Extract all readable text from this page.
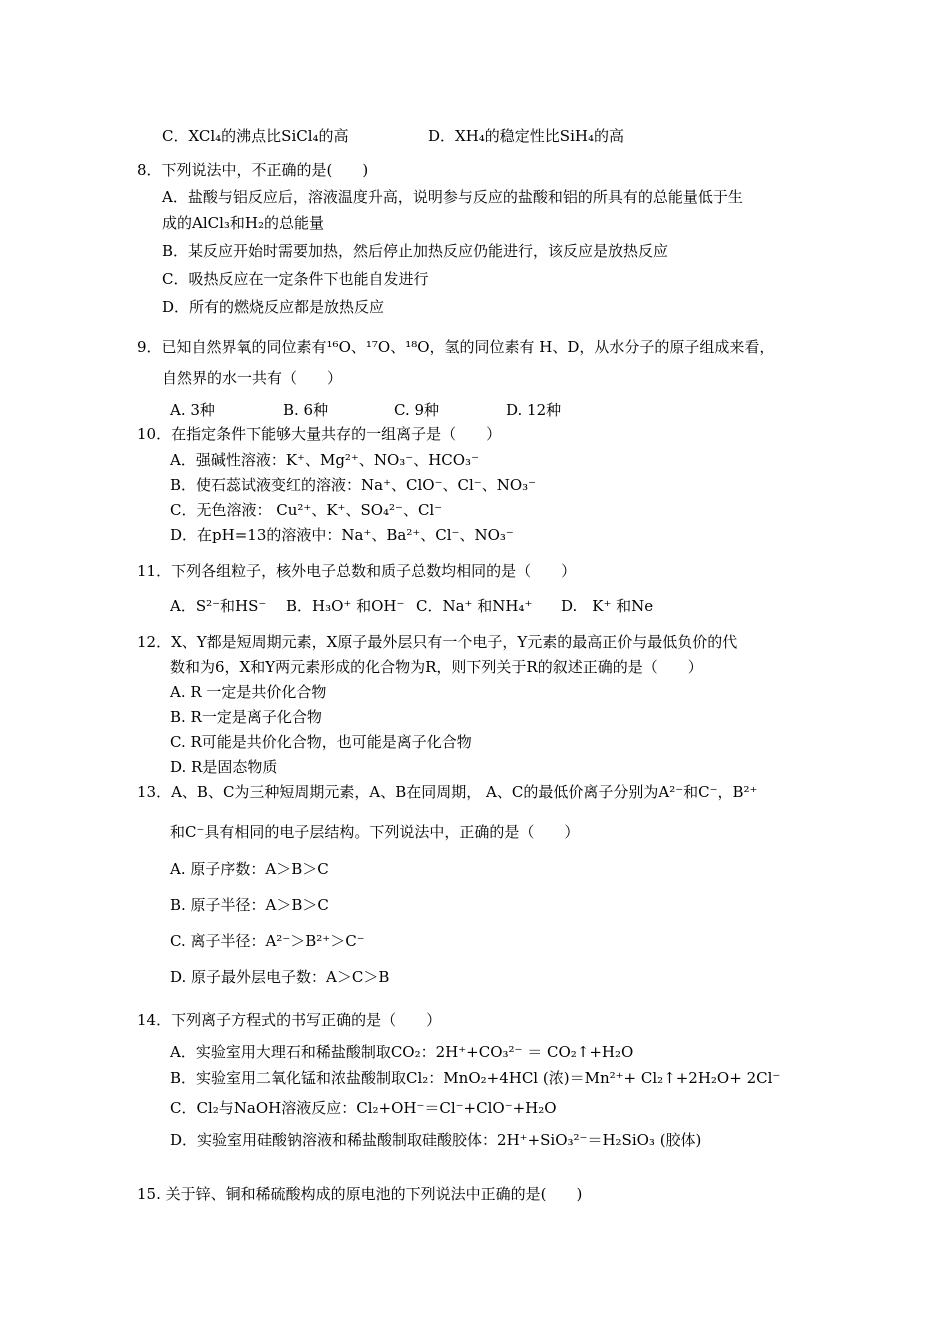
C．XCl₄的沸点比SiCl₄的高	D．XH₄的稳定性比SiH₄的高
8．下列说法中，不正确的是(　　)
A．盐酸与铝反应后，溶液温度升高，说明参与反应的盐酸和铝的所具有的总能量低于生
成的AlCl₃和H₂的总能量
B．某反应开始时需要加热，然后停止加热反应仍能进行，该反应是放热反应
C．吸热反应在一定条件下也能自发进行
D．所有的燃烧反应都是放热反应
9．已知自然界氧的同位素有¹⁶O、¹⁷O、¹⁸O，氢的同位素有 H、D，从水分子的原子组成来看，
自然界的水一共有（　　）
A. 3种	B. 6种	C. 9种	D. 12种
10．在指定条件下能够大量共存的一组离子是（　　）
A．强碱性溶液：K⁺、Mg²⁺、NO₃⁻、HCO₃⁻
B．使石蕊试液变红的溶液：Na⁺、ClO⁻、Cl⁻、NO₃⁻
C．无色溶液： Cu²⁺、K⁺、SO₄²⁻、Cl⁻
D．在pH=13的溶液中：Na⁺、Ba²⁺、Cl⁻、NO₃⁻
11．下列各组粒子，核外电子总数和质子总数均相同的是（　　）
A．S²⁻和HS⁻ B．H₃O⁺ 和OH⁻ C．Na⁺ 和NH₄⁺ D.　K⁺ 和Ne
12．X、Y都是短周期元素，X原子最外层只有一个电子，Y元素的最高正价与最低负价的代
数和为6，X和Y两元素形成的化合物为R，则下列关于R的叙述正确的是（　　）
A. R 一定是共价化合物
B. R一定是离子化合物
C. R可能是共价化合物，也可能是离子化合物
D. R是固态物质
13．A、B、C为三种短周期元素，A、B在同周期， A、C的最低价离子分别为A²⁻和C⁻，B²⁺
和C⁻具有相同的电子层结构。下列说法中，正确的是（　　）
A. 原子序数：A＞B＞C
B. 原子半径：A＞B＞C
C. 离子半径：A²⁻＞B²⁺＞C⁻
D. 原子最外层电子数：A＞C＞B
14．下列离子方程式的书写正确的是（　　）
A．实验室用大理石和稀盐酸制取CO₂：2H⁺+CO₃²⁻ ＝ CO₂↑+H₂O
B．实验室用二氧化锰和浓盐酸制取Cl₂：MnO₂+4HCl (浓)＝Mn²⁺+ Cl₂↑+2H₂O+ 2Cl⁻
C．Cl₂与NaOH溶液反应：Cl₂+OH⁻＝Cl⁻+ClO⁻+H₂O
D．实验室用硅酸钠溶液和稀盐酸制取硅酸胶体：2H⁺+SiO₃²⁻＝H₂SiO₃ (胶体)
15. 关于锌、铜和稀硫酸构成的原电池的下列说法中正确的是(　　)
